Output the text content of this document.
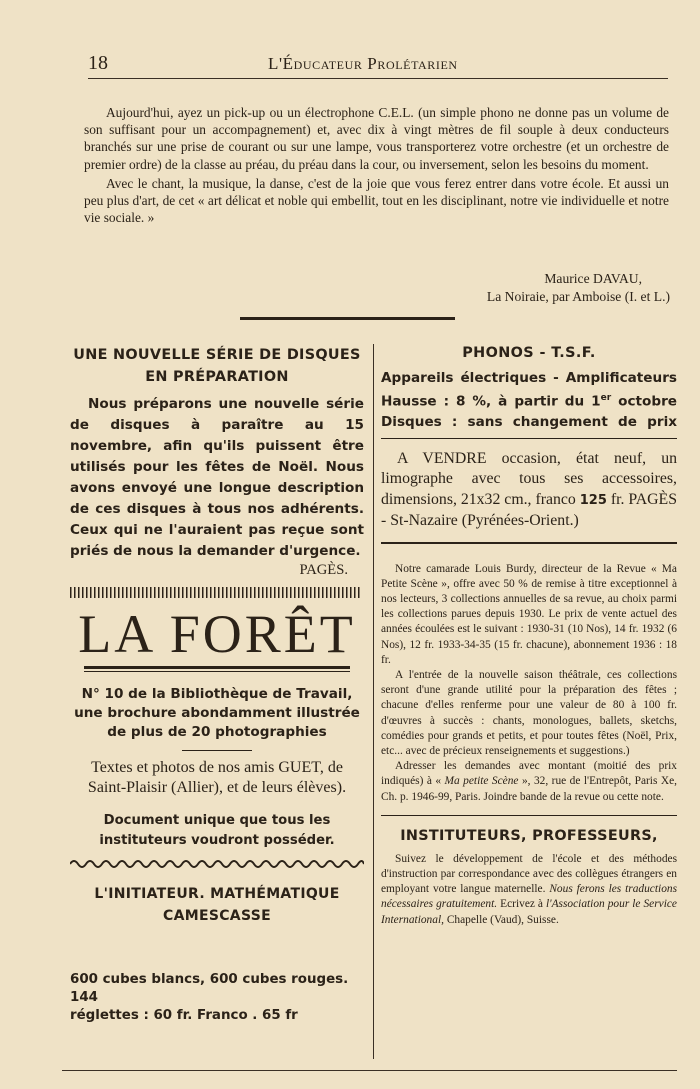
18	L'Éducateur Prolétarien

Aujourd'hui, ayez un pick-up ou un électrophone C.E.L. (un simple phono ne donne pas un volume de son suffisant pour un accompagnement) et, avec dix à vingt mètres de fil souple à deux conducteurs branchés sur une prise de courant ou sur une lampe, vous transporterez votre orchestre (et un orchestre de premier ordre) de la classe au préau, du préau dans la cour, ou inversement, selon les besoins du moment.

Avec le chant, la musique, la danse, c'est de la joie que vous ferez entrer dans votre école. Et aussi un peu plus d'art, de cet « art délicat et noble qui embellit, tout en les disciplinant, notre vie individuelle et notre vie sociale. »

Maurice DAVAU,
La Noiraie, par Amboise (I. et L.)
UNE NOUVELLE SÉRIE DE DISQUES EN PRÉPARATION
Nous préparons une nouvelle série de disques à paraître au 15 novembre, afin qu'ils puissent être utilisés pour les fêtes de Noël. Nous avons envoyé une longue description de ces disques à tous nos adhérents. Ceux qui ne l'auraient pas reçue sont priés de nous la demander d'urgence.
PAGÈS.
LA FORÊT
N° 10 de la Bibliothèque de Travail, une brochure abondamment illustrée de plus de 20 photographies
Textes et photos de nos amis GUET, de Saint-Plaisir (Allier), et de leurs élèves).
Document unique que tous les instituteurs voudront posséder.
L'INITIATEUR. MATHÉMATIQUE CAMESCASSE
600 cubes blancs, 600 cubes rouges. 144
réglettes : 60 fr. Franco . 65 fr
PHONOS - T.S.F.
Appareils électriques - Amplificateurs
Hausse : 8 %, à partir du 1er octobre
Disques : sans changement de prix
A VENDRE occasion, état neuf, un limographe avec tous ses accessoires, dimensions, 21x32 cm., franco 125 fr. PAGÈS - St-Nazaire (Pyrénées-Orient.)

Notre camarade Louis Burdy, directeur de la Revue « Ma Petite Scène », offre avec 50 % de remise à titre exceptionnel à nos lecteurs, 3 collections annuelles de sa revue, au choix parmi les collections parues depuis 1930. Le prix de vente actuel des années écoulées est le suivant : 1930-31 (10 Nos), 14 fr. 1932 (6 Nos), 12 fr. 1933-34-35 (15 fr. chacune), abonnement 1936 : 18 fr.

A l'entrée de la nouvelle saison théâtrale, ces collections seront d'une grande utilité pour la préparation des fêtes ; chacune d'elles renferme pour une valeur de 80 à 100 fr. d'œuvres à succès : chants, monologues, ballets, sketchs, comédies pour grands et petits, et pour toutes fêtes (Noël, Prix, etc... avec de précieux renseignements et suggestions.)

Adresser les demandes avec montant (moitié des prix indiqués) à « Ma petite Scène », 32, rue de l'Entrepôt, Paris Xe, Ch. p. 1946-99, Paris. Joindre bande de la revue ou cette note.

INSTITUTEURS, PROFESSEURS,
Suivez le développement de l'école et des méthodes d'instruction par correspondance avec des collègues étrangers en employant votre langue maternelle. Nous ferons les traductions nécessaires gratuitement. Ecrivez à l'Association pour le Service International, Chapelle (Vaud), Suisse.
